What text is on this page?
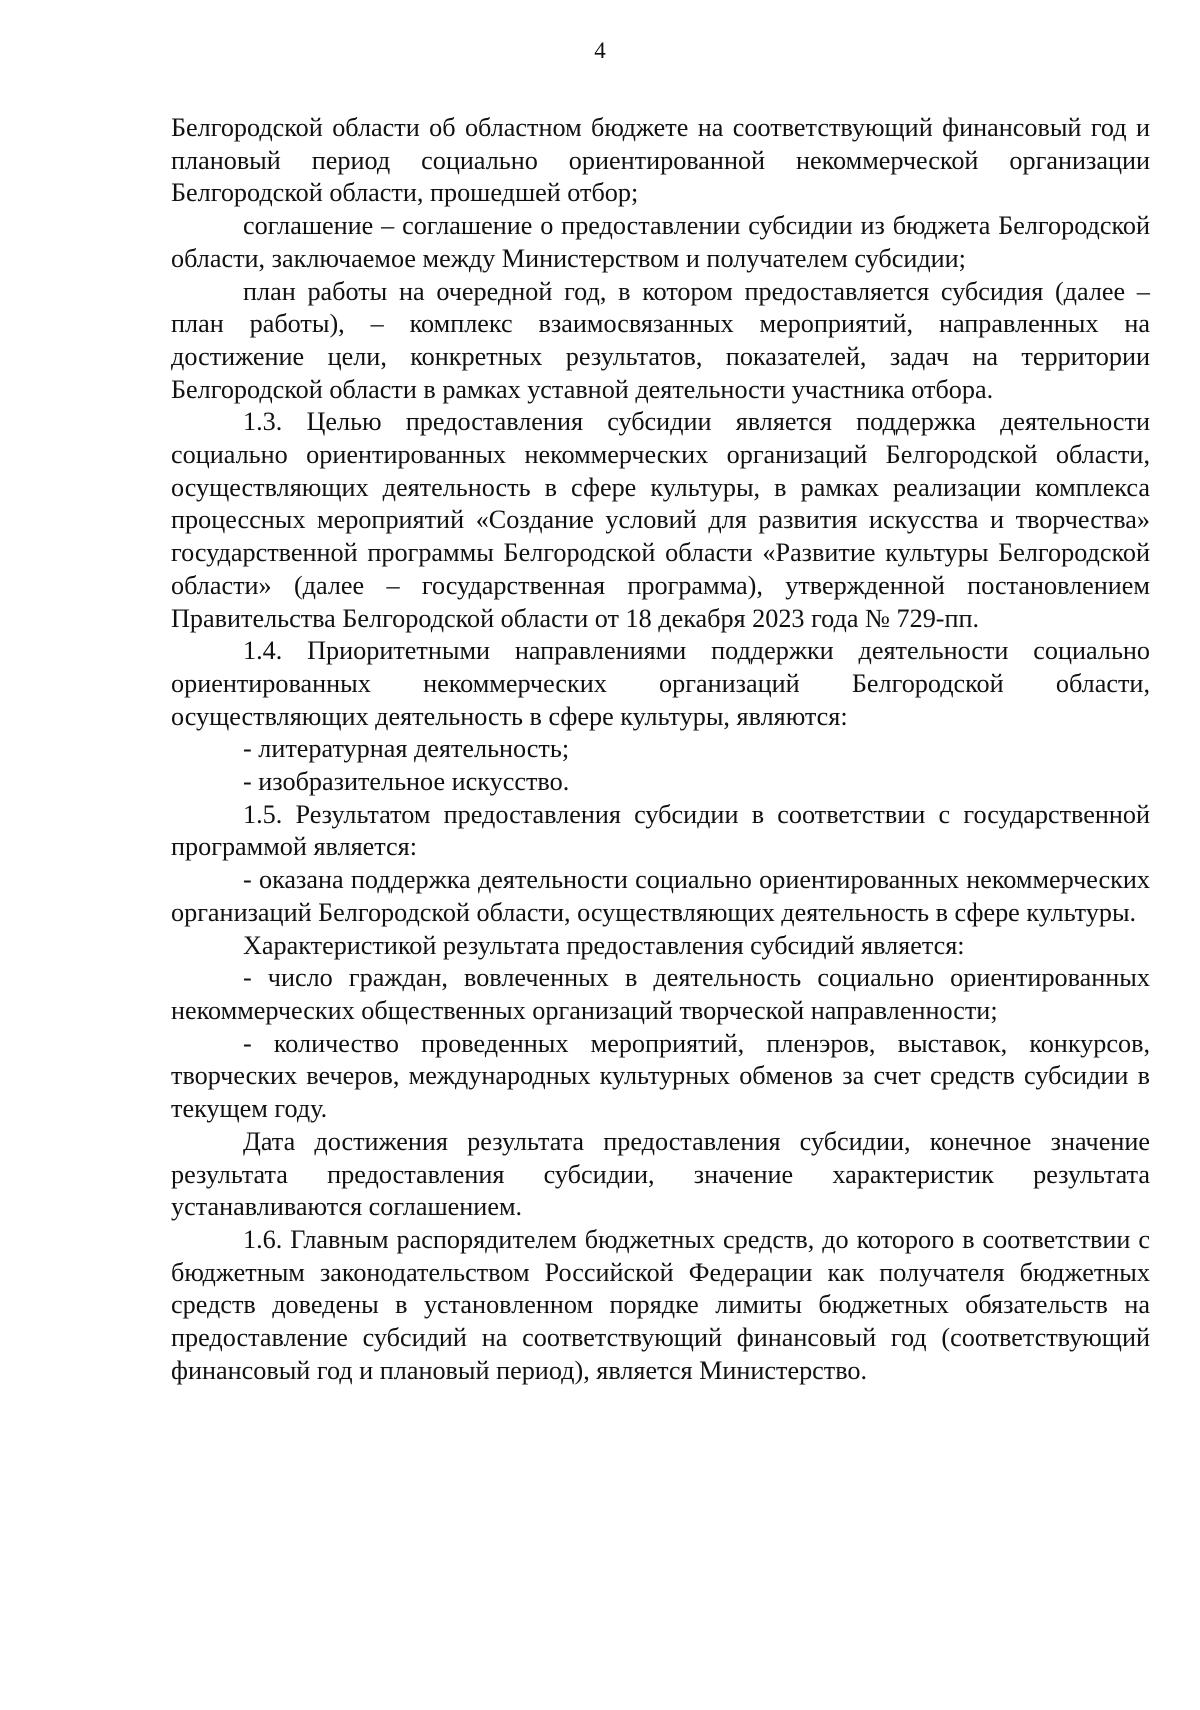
4

Белгородской области об областном бюджете на соответствующий финансовый год и плановый период социально ориентированной некоммерческой организации Белгородской области, прошедшей отбор;

соглашение – соглашение о предоставлении субсидии из бюджета Белгородской области, заключаемое между Министерством и получателем субсидии;

план работы на очередной год, в котором предоставляется субсидия (далее – план работы), – комплекс взаимосвязанных мероприятий, направленных на достижение цели, конкретных результатов, показателей, задач на территории Белгородской области в рамках уставной деятельности участника отбора.

1.3. Целью предоставления субсидии является поддержка деятельности социально ориентированных некоммерческих организаций Белгородской области, осуществляющих деятельность в сфере культуры, в рамках реализации комплекса процессных мероприятий «Создание условий для развития искусства и творчества» государственной программы Белгородской области «Развитие культуры Белгородской области» (далее – государственная программа), утвержденной постановлением Правительства Белгородской области от 18 декабря 2023 года № 729-пп.

1.4. Приоритетными направлениями поддержки деятельности социально ориентированных некоммерческих организаций Белгородской области, осуществляющих деятельность в сфере культуры, являются:

- литературная деятельность;

- изобразительное искусство.

1.5. Результатом предоставления субсидии в соответствии с государственной программой является:

- оказана поддержка деятельности социально ориентированных некоммерческих организаций Белгородской области, осуществляющих деятельность в сфере культуры.

Характеристикой результата предоставления субсидий является:

- число граждан, вовлеченных в деятельность социально ориентированных некоммерческих общественных организаций творческой направленности;

- количество проведенных мероприятий, пленэров, выставок, конкурсов, творческих вечеров, международных культурных обменов за счет средств субсидии в текущем году.

Дата достижения результата предоставления субсидии, конечное значение результата предоставления субсидии, значение характеристик результата устанавливаются соглашением.

1.6. Главным распорядителем бюджетных средств, до которого в соответствии с бюджетным законодательством Российской Федерации как получателя бюджетных средств доведены в установленном порядке лимиты бюджетных обязательств на предоставление субсидий на соответствующий финансовый год (соответствующий финансовый год и плановый период), является Министерство.
